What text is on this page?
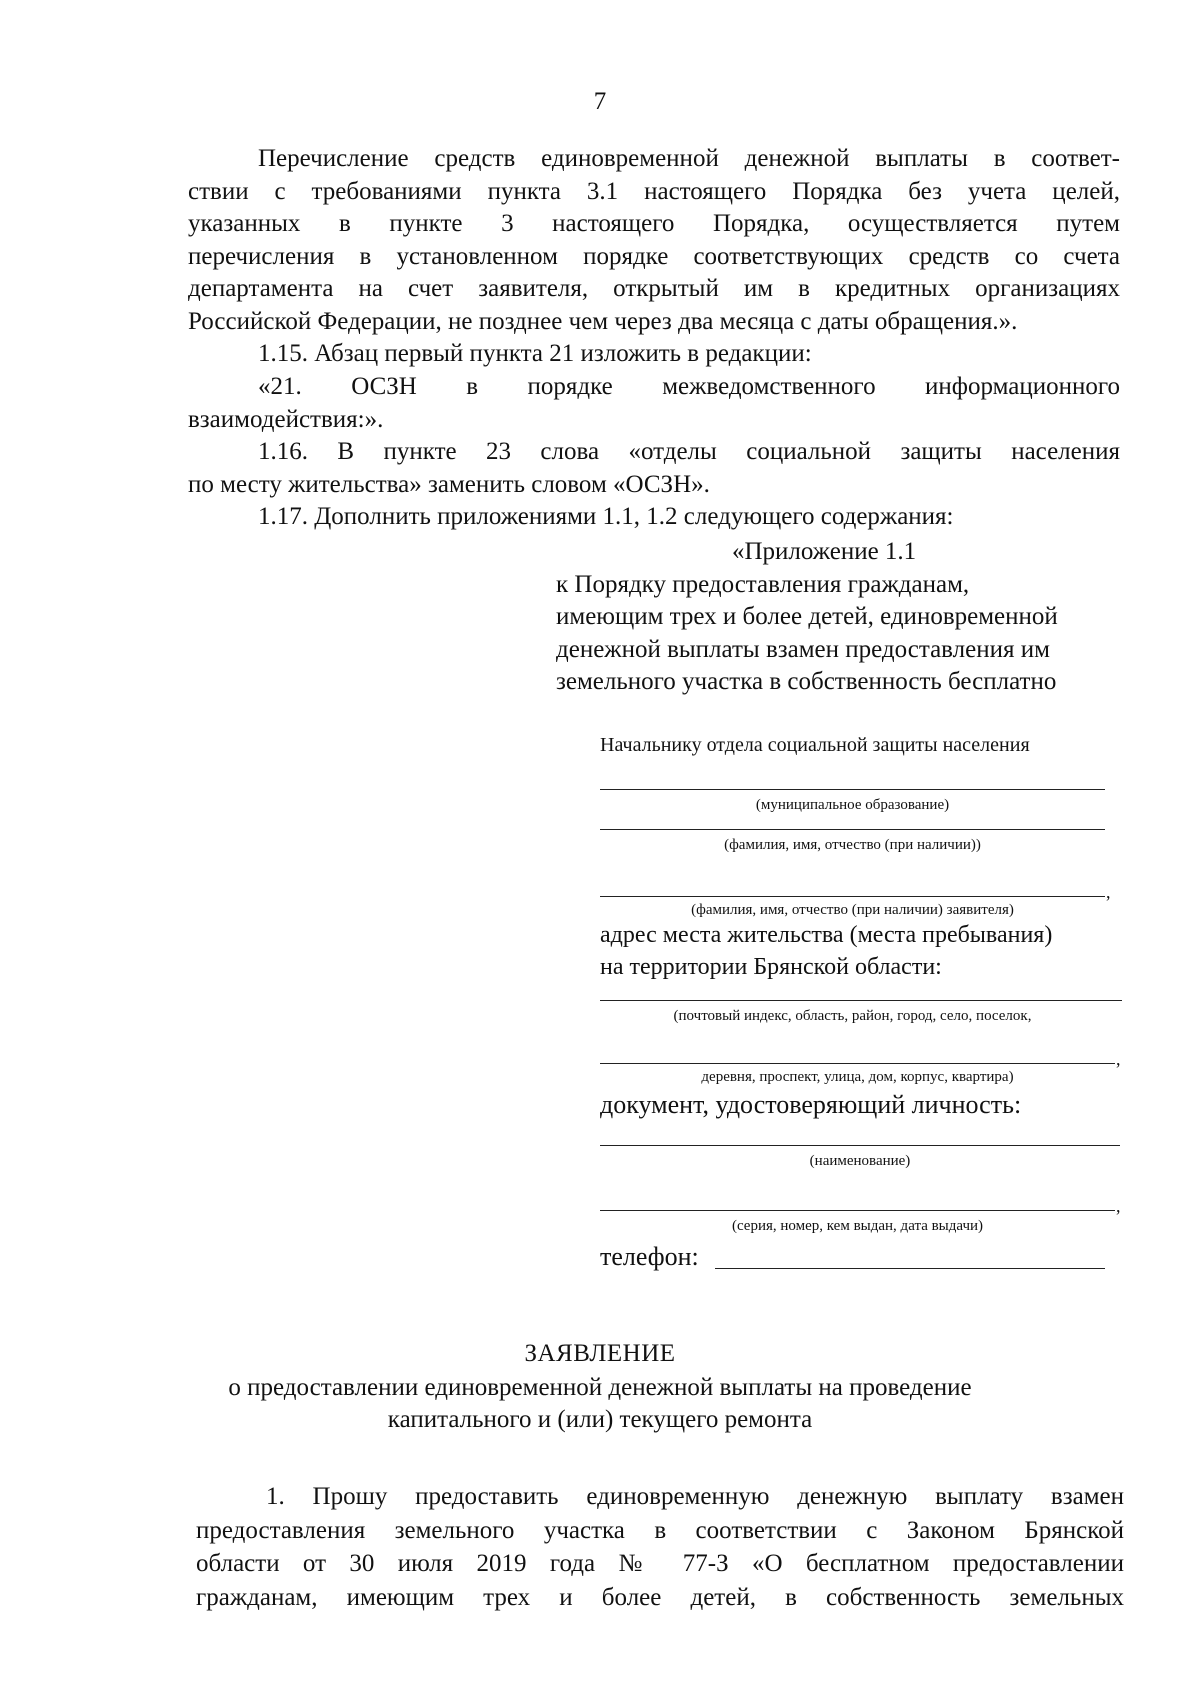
7
Перечисление средств единовременной денежной выплаты в соответ-
ствии с требованиями пункта 3.1 настоящего Порядка без учета целей,
указанных в пункте 3 настоящего Порядка, осуществляется путем
перечисления в установленном порядке соответствующих средств со счета
департамента на счет заявителя, открытый им в кредитных организациях
Российской Федерации, не позднее чем через два месяца с даты обращения.».
1.15. Абзац первый пункта 21 изложить в редакции:
«21. ОСЗН в порядке межведомственного информационного
взаимодействия:».
1.16. В пункте 23 слова «отделы социальной защиты населения
по месту жительства» заменить словом «ОСЗН».
1.17. Дополнить приложениями 1.1, 1.2 следующего содержания:
«Приложение 1.1
к Порядку предоставления гражданам,
имеющим трех и более детей, единовременной
денежной выплаты взамен предоставления им
земельного участка в собственность бесплатно
Начальнику отдела социальной защиты населения
(муниципальное образование)
(фамилия, имя, отчество (при наличии))
,
(фамилия, имя, отчество (при наличии) заявителя)
адрес места жительства (места пребывания)
на территории Брянской области:
(почтовый индекс, область, район, город, село, поселок,
,
деревня, проспект, улица, дом, корпус, квартира)
документ, удостоверяющий личность:
(наименование)
,
(серия, номер, кем выдан, дата выдачи)
телефон:
ЗАЯВЛЕНИЕ
о предоставлении единовременной денежной выплаты на проведение
капитального и (или) текущего ремонта
1. Прошу предоставить единовременную денежную выплату взамен
предоставления земельного участка в соответствии с Законом Брянской
области от 30 июля 2019 года № 77-З «О бесплатном предоставлении
гражданам, имеющим трех и более детей, в собственность земельных
